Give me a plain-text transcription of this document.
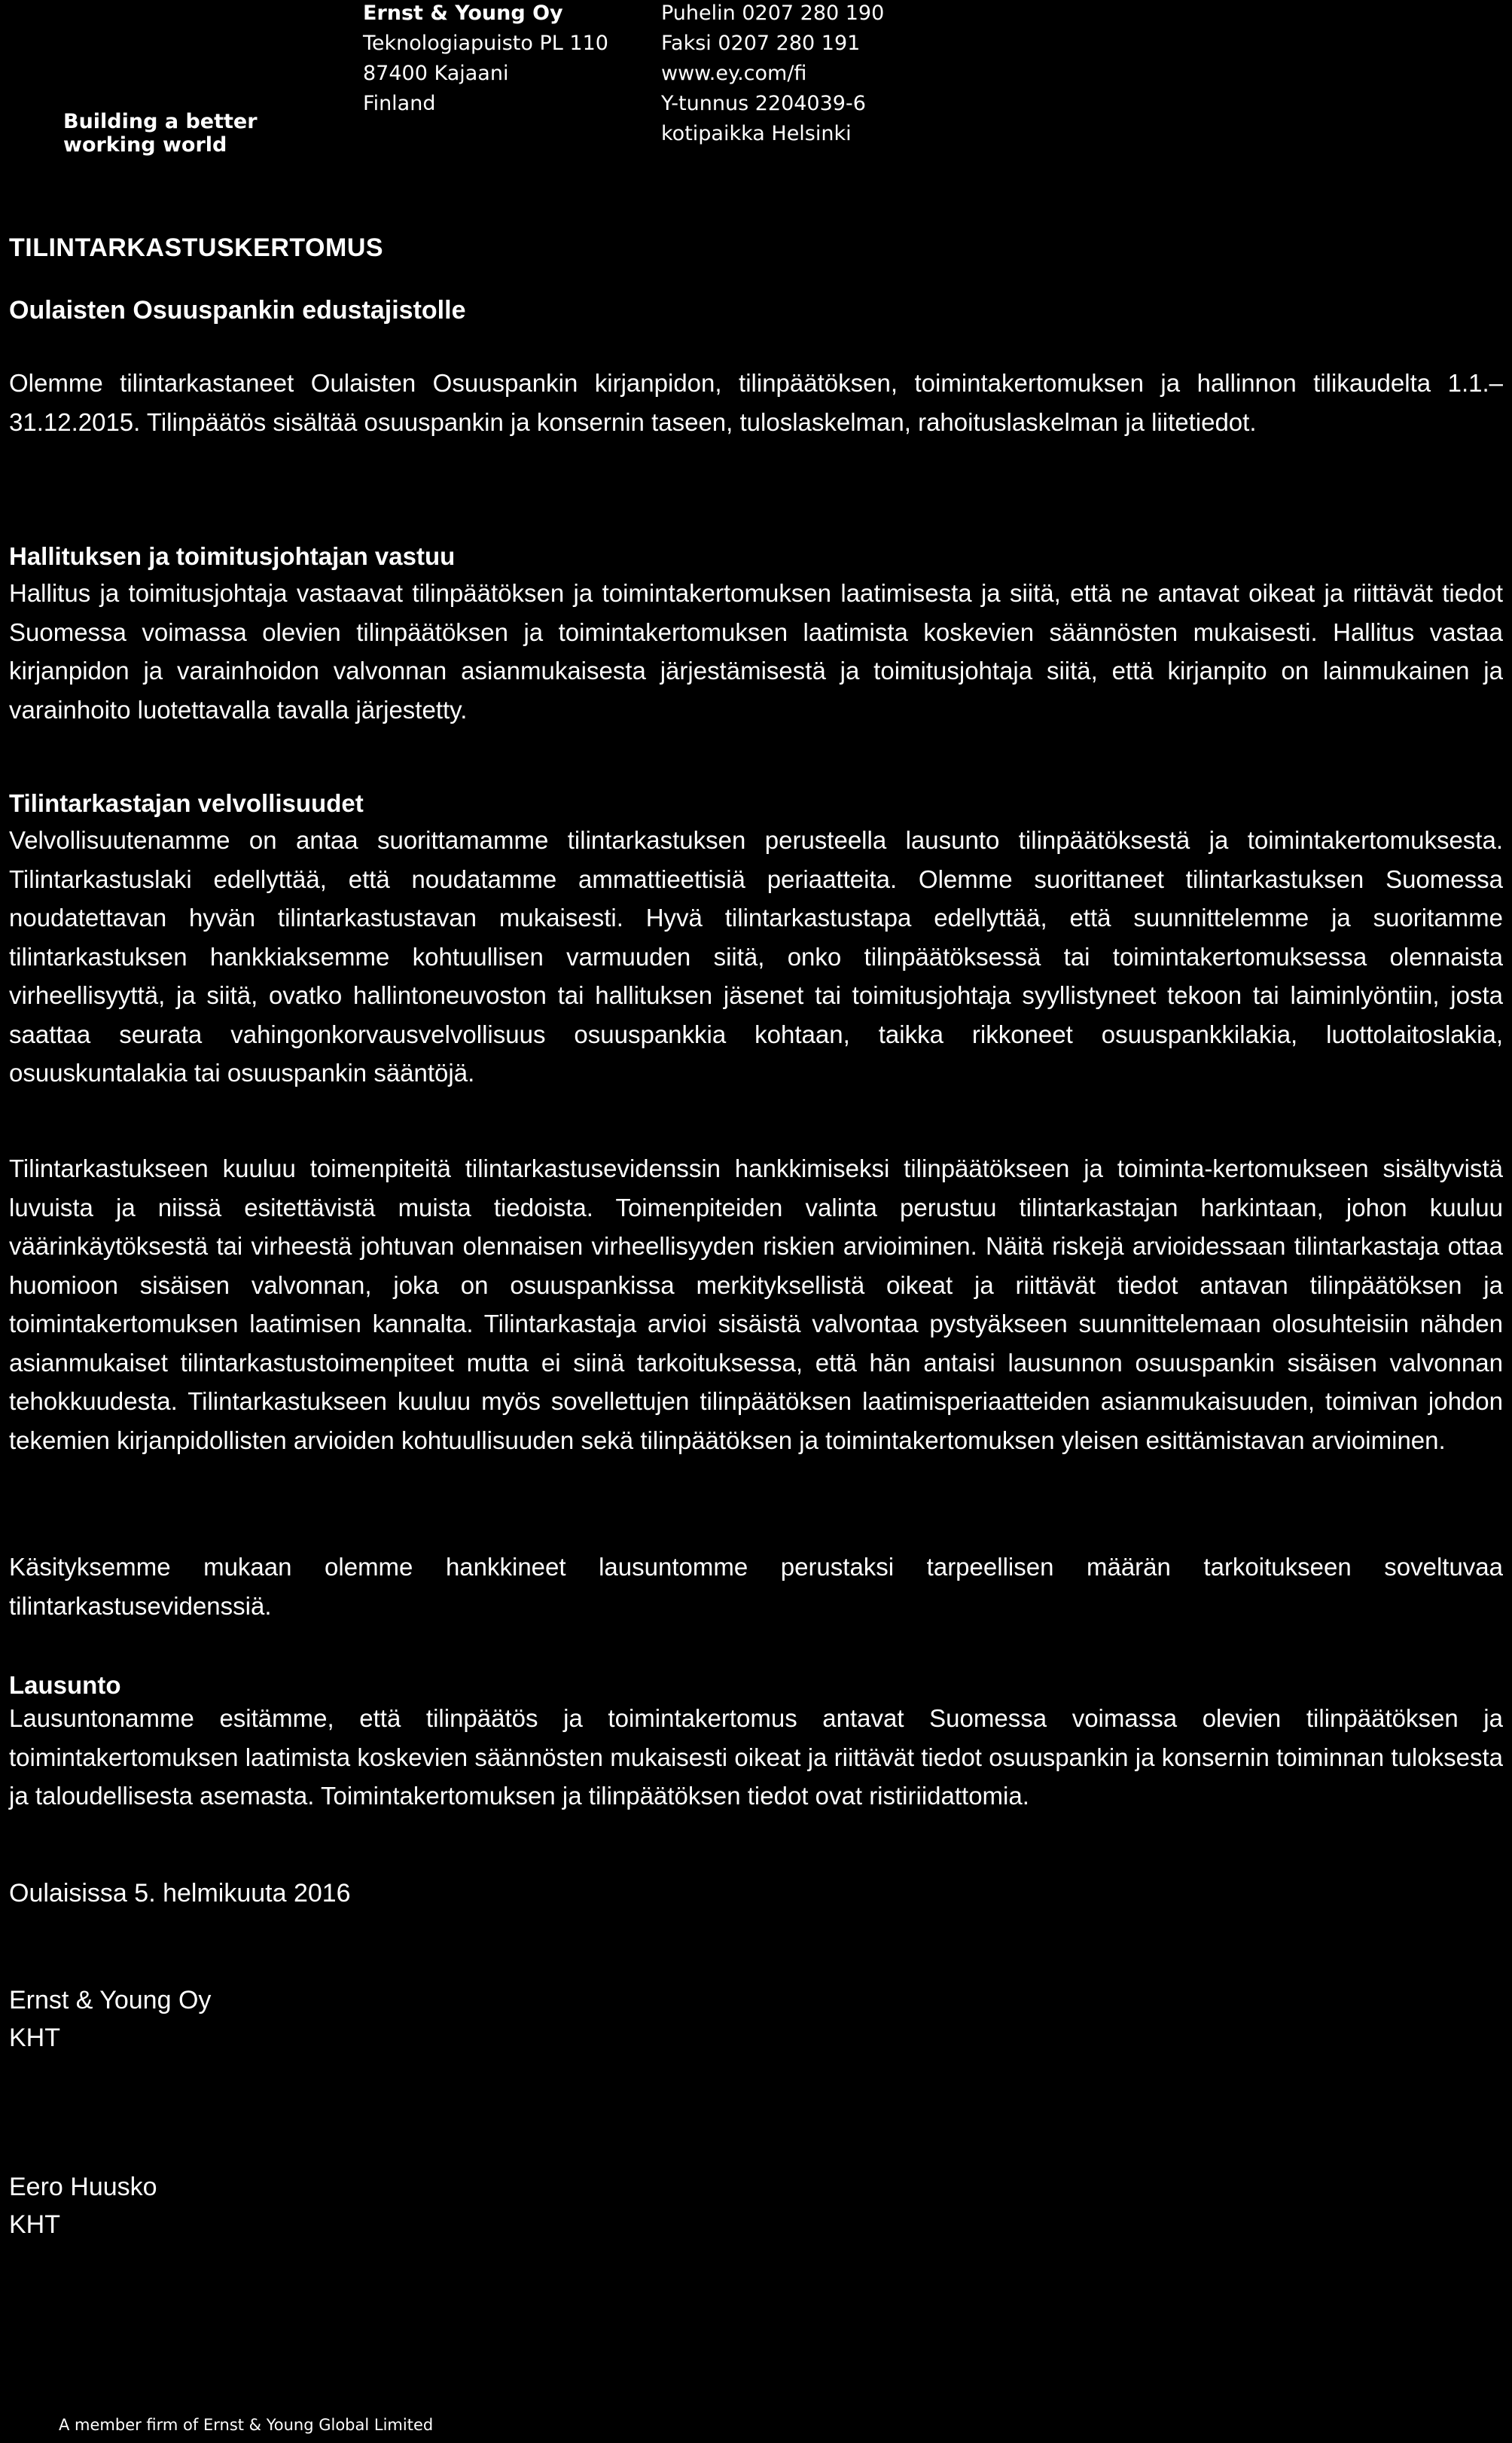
Building a better
working world
Ernst & Young Oy
Teknologiapuisto PL 110
87400 Kajaani
Finland
Puhelin 0207 280 190
Faksi 0207 280 191
www.ey.com/fi
Y-tunnus 2204039-6
kotipaikka Helsinki
TILINTARKASTUSKERTOMUS
Oulaisten Osuuspankin edustajistolle

Olemme tilintarkastaneet Oulaisten Osuuspankin kirjanpidon, tilinpäätöksen, toimintakertomuksen ja hallinnon tilikaudelta 1.1.–31.12.2015. Tilinpäätös sisältää osuuspankin ja konsernin taseen, tuloslaskelman, rahoituslaskelman ja liitetiedot.

Hallituksen ja toimitusjohtajan vastuu

Hallitus ja toimitusjohtaja vastaavat tilinpäätöksen ja toimintakertomuksen laatimisesta ja siitä, että ne antavat oikeat ja riittävät tiedot Suomessa voimassa olevien tilinpäätöksen ja toimintakertomuksen laatimista koskevien säännösten mukaisesti. Hallitus vastaa kirjanpidon ja varainhoidon valvonnan asianmukaisesta järjestämisestä ja toimitusjohtaja siitä, että kirjanpito on lainmukainen ja varainhoito luotettavalla tavalla järjestetty.

Tilintarkastajan velvollisuudet

Velvollisuutenamme on antaa suorittamamme tilintarkastuksen perusteella lausunto tilinpäätöksestä ja toimintakertomuksesta. Tilintarkastuslaki edellyttää, että noudatamme ammattieettisiä periaatteita. Olemme suorittaneet tilintarkastuksen Suomessa noudatettavan hyvän tilintarkastustavan mukaisesti. Hyvä tilintarkastustapa edellyttää, että suunnittelemme ja suoritamme tilintarkastuksen hankkiaksemme kohtuullisen varmuuden siitä, onko tilinpäätöksessä tai toimintakertomuksessa olennaista virheellisyyttä, ja siitä, ovatko hallintoneuvoston tai hallituksen jäsenet tai toimitusjohtaja syyllistyneet tekoon tai laiminlyöntiin, josta saattaa seurata vahingonkorvausvelvollisuus osuuspankkia kohtaan, taikka rikkoneet osuuspankkilakia, luottolaitoslakia, osuuskuntalakia tai osuuspankin sääntöjä.

Tilintarkastukseen kuuluu toimenpiteitä tilintarkastusevidenssin hankkimiseksi tilinpäätökseen ja toiminta-kertomukseen sisältyvistä luvuista ja niissä esitettävistä muista tiedoista. Toimenpiteiden valinta perustuu tilintarkastajan harkintaan, johon kuuluu väärinkäytöksestä tai virheestä johtuvan olennaisen virheellisyyden riskien arvioiminen. Näitä riskejä arvioidessaan tilintarkastaja ottaa huomioon sisäisen valvonnan, joka on osuuspankissa merkityksellistä oikeat ja riittävät tiedot antavan tilinpäätöksen ja toimintakertomuksen laatimisen kannalta. Tilintarkastaja arvioi sisäistä valvontaa pystyäkseen suunnittelemaan olosuhteisiin nähden asianmukaiset tilintarkastustoimenpiteet mutta ei siinä tarkoituksessa, että hän antaisi lausunnon osuuspankin sisäisen valvonnan tehokkuudesta. Tilintarkastukseen kuuluu myös sovellettujen tilinpäätöksen laatimisperiaatteiden asianmukaisuuden, toimivan johdon tekemien kirjanpidollisten arvioiden kohtuullisuuden sekä tilinpäätöksen ja toimintakertomuksen yleisen esittämistavan arvioiminen.

Käsityksemme mukaan olemme hankkineet lausuntomme perustaksi tarpeellisen määrän tarkoitukseen soveltuvaa tilintarkastusevidenssiä.

Lausunto

Lausuntonamme esitämme, että tilinpäätös ja toimintakertomus antavat Suomessa voimassa olevien tilinpäätöksen ja toimintakertomuksen laatimista koskevien säännösten mukaisesti oikeat ja riittävät tiedot osuuspankin ja konsernin toiminnan tuloksesta ja taloudellisesta asemasta. Toimintakertomuksen ja tilinpäätöksen tiedot ovat ristiriidattomia.

Oulaisissa 5. helmikuuta 2016
Ernst & Young Oy
KHT
Eero Huusko
KHT
A member firm of Ernst & Young Global Limited
